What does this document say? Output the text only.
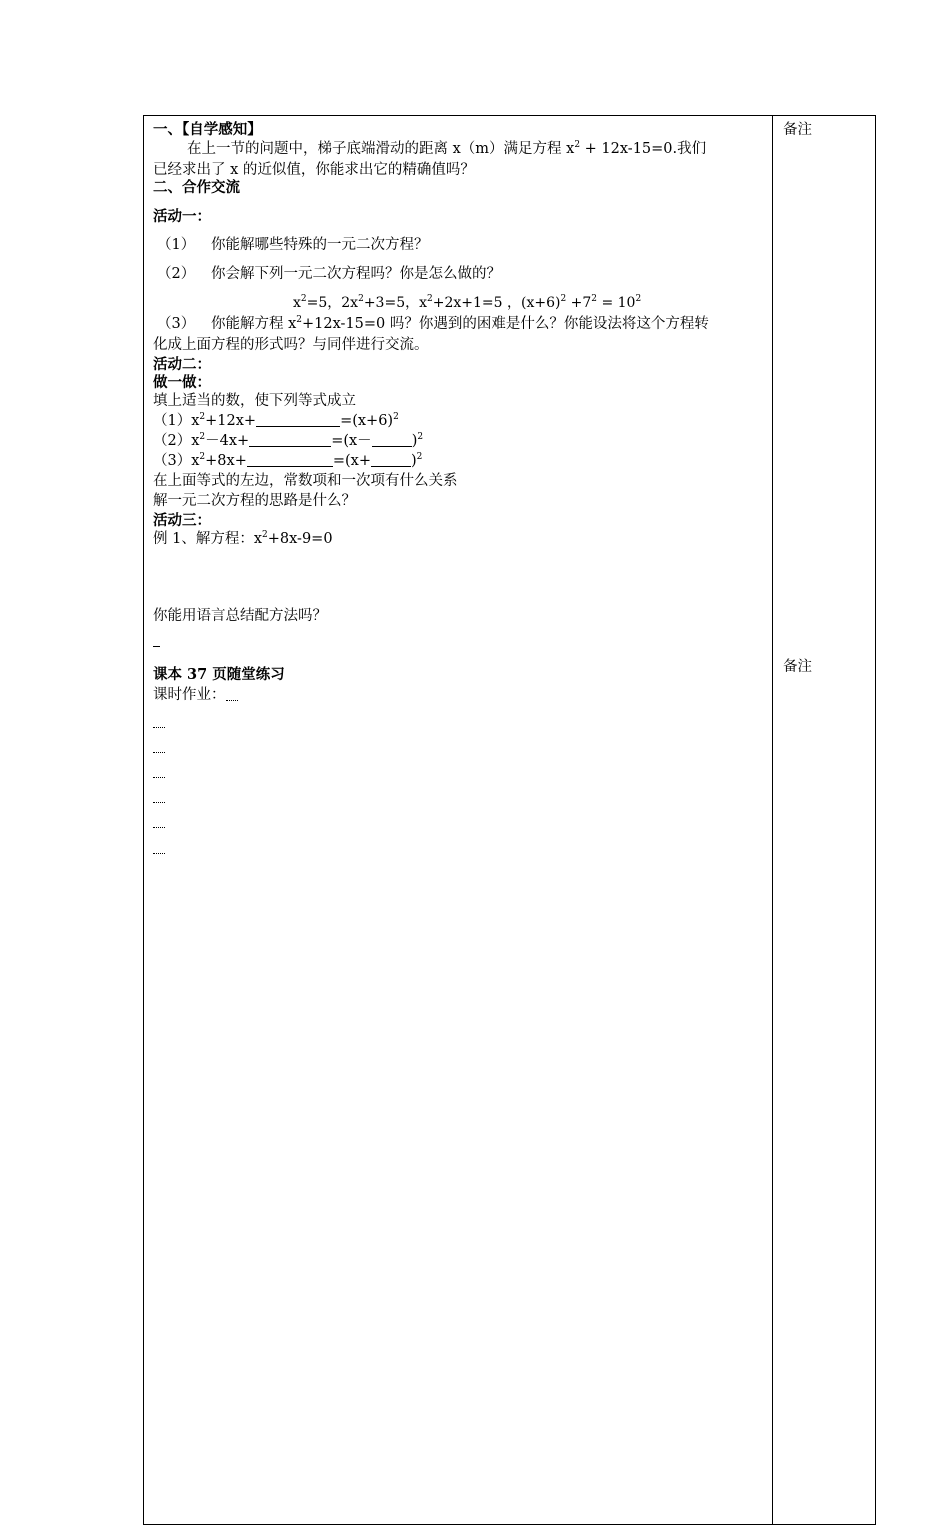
备注
备注
一、【自学感知】
在上一节的问题中，梯子底端滑动的距离 x（m）满足方程 $x^2 + 12x-15=0$.我们
已经求出了 x 的近似值，你能求出它的精确值吗？
二、合作交流
活动一：
（1） 你能解哪些特殊的一元二次方程？
（2） 你会解下列一元二次方程吗？你是怎么做的？
$x^2=5$，$2x^2+3=5$，$x^2+2x+1=5$ ，$(x+6)^2 +7^2 = 10^2$
（3） 你能解方程 $x^2+12x-15=0$ 吗？你遇到的困难是什么？你能设法将这个方程转
化成上面方程的形式吗？与同伴进行交流。
活动二：
做一做：
填上适当的数，使下列等式成立
$(1)x^2+12x+$	$=(x+6)^2$
$(2)x^2-4x+$	=(x－	)$^2$
$(3)x^2+8x+$	=(x+	)$^2$
在上面等式的左边，常数项和一次项有什么关系
解一元二次方程的思路是什么？
活动三：
例 1、解方程：$x^2+8x-9=0$
你能用语言总结配方法吗？
课本 37 页随堂练习
课时作业：
